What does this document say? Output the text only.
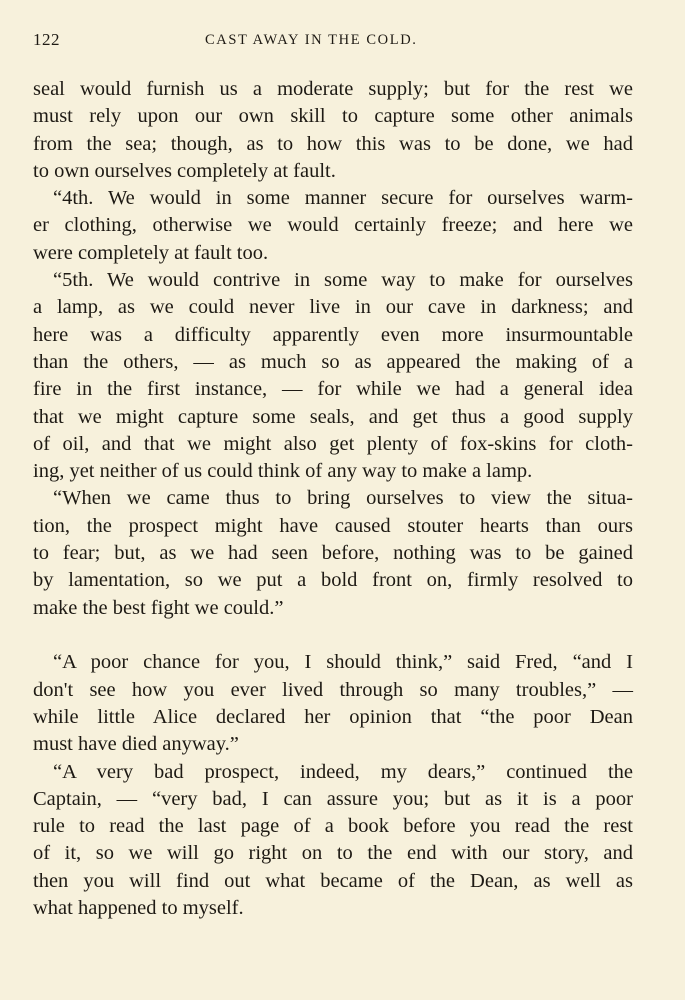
122	CAST AWAY IN THE COLD.
seal would furnish us a moderate supply; but for the rest we
must rely upon our own skill to capture some other animals
from the sea; though, as to how this was to be done, we had
to own ourselves completely at fault.
“4th. We would in some manner secure for ourselves warm-
er clothing, otherwise we would certainly freeze; and here we
were completely at fault too.
“5th. We would contrive in some way to make for ourselves
a lamp, as we could never live in our cave in darkness; and
here was a difficulty apparently even more insurmountable
than the others, — as much so as appeared the making of a
fire in the first instance, — for while we had a general idea
that we might capture some seals, and get thus a good supply
of oil, and that we might also get plenty of fox-skins for cloth-
ing, yet neither of us could think of any way to make a lamp.
“When we came thus to bring ourselves to view the situa-
tion, the prospect might have caused stouter hearts than ours
to fear; but, as we had seen before, nothing was to be gained
by lamentation, so we put a bold front on, firmly resolved to
make the best fight we could.”
“A poor chance for you, I should think,” said Fred, “and I
don't see how you ever lived through so many troubles,” —
while little Alice declared her opinion that “the poor Dean
must have died anyway.”
“A very bad prospect, indeed, my dears,” continued the
Captain, — “very bad, I can assure you; but as it is a poor
rule to read the last page of a book before you read the rest
of it, so we will go right on to the end with our story, and
then you will find out what became of the Dean, as well as
what happened to myself.
